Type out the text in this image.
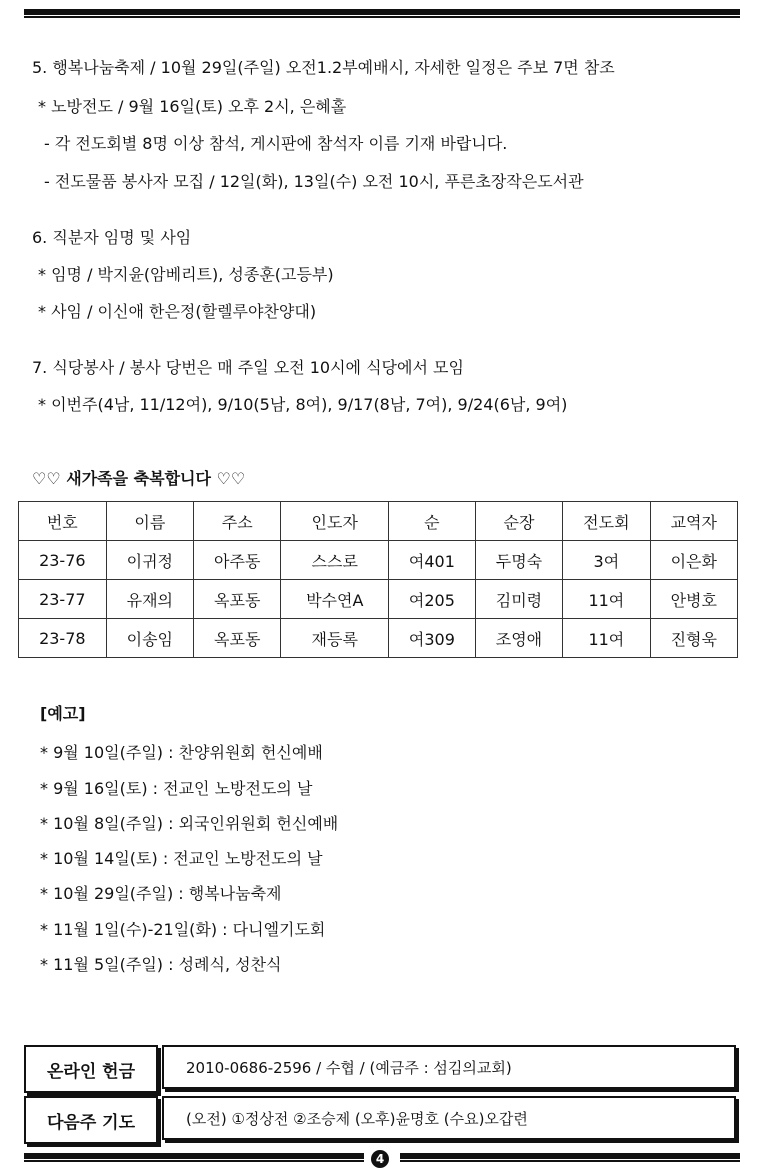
5. 행복나눔축제 / 10월 29일(주일) 오전1.2부예배시, 자세한 일정은 주보 7면 참조
* 노방전도 / 9월 16일(토) 오후 2시, 은혜홀
- 각 전도회별 8명 이상 참석, 게시판에 참석자 이름 기재 바랍니다.
- 전도물품 봉사자 모집 / 12일(화), 13일(수) 오전 10시, 푸른초장작은도서관
6. 직분자 임명 및 사임
* 임명 / 박지윤(암베리트), 성종훈(고등부)
* 사임 / 이신애 한은정(할렐루야찬양대)
7. 식당봉사 / 봉사 당번은 매 주일 오전 10시에 식당에서 모임
* 이번주(4남, 11/12여), 9/10(5남, 8여), 9/17(8남, 7여), 9/24(6남, 9여)
♡♡ 새가족을 축복합니다 ♡♡
번호	이름	주소	인도자	순	순장	전도회	교역자
23-76	이귀정	아주동	스스로	여401	두명숙	3여	이은화
23-77	유재의	옥포동	박수연A	여205	김미령	11여	안병호
23-78	이송임	옥포동	재등록	여309	조영애	11여	진형욱
[예고]
* 9월 10일(주일) : 찬양위원회 헌신예배
* 9월 16일(토) : 전교인 노방전도의 날
* 10월 8일(주일) : 외국인위원회 헌신예배
* 10월 14일(토) : 전교인 노방전도의 날
* 10월 29일(주일) : 행복나눔축제
* 11월 1일(수)-21일(화) : 다니엘기도회
* 11월 5일(주일) : 성례식, 성찬식
온라인 헌금	2010-0686-2596 / 수협 / (예금주 : 섬김의교회)
다음주 기도	(오전) ①정상전 ②조승제 (오후)윤명호 (수요)오갑련
4
